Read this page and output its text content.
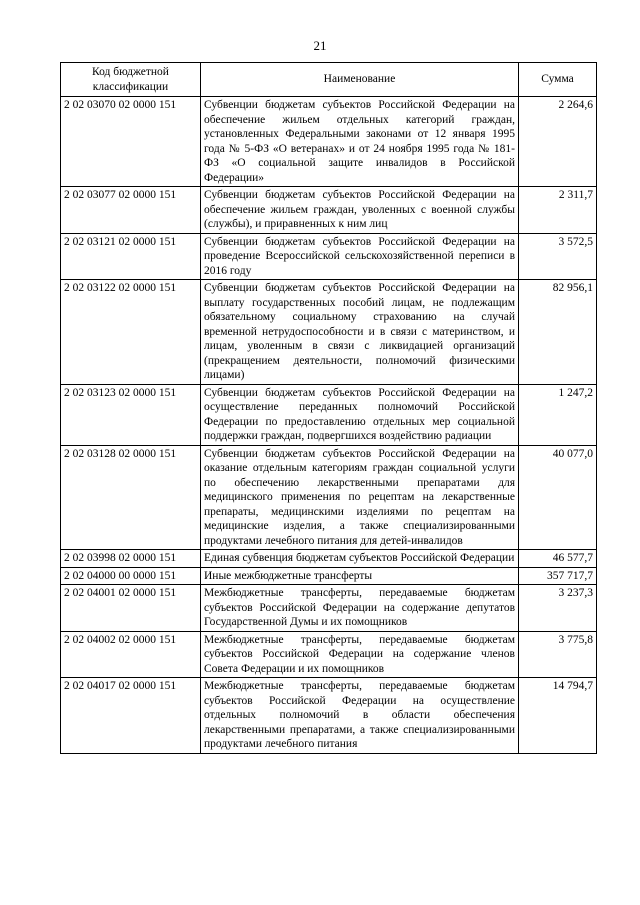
21
Код бюджетной классификации	Наименование	Сумма
2 02 03070 02 0000 151	Субвенции бюджетам субъектов Российской Федерации на обеспечение жильем отдельных категорий граждан, установленных Федеральными законами от 12 января 1995 года № 5-ФЗ «О ветеранах» и от 24 ноября 1995 года № 181-ФЗ «О социальной защите инвалидов в Российской Федерации»	2 264,6
2 02 03077 02 0000 151	Субвенции бюджетам субъектов Российской Федерации на обеспечение жильем граждан, уволенных с военной службы (службы), и приравненных к ним лиц	2 311,7
2 02 03121 02 0000 151	Субвенции бюджетам субъектов Российской Федерации на проведение Всероссийской сельскохозяйственной переписи в 2016 году	3 572,5
2 02 03122 02 0000 151	Субвенции бюджетам субъектов Российской Федерации на выплату государственных пособий лицам, не подлежащим обязательному социальному страхованию на случай временной нетрудоспособности и в связи с материнством, и лицам, уволенным в связи с ликвидацией организаций (прекращением деятельности, полномочий физическими лицами)	82 956,1
2 02 03123 02 0000 151	Субвенции бюджетам субъектов Российской Федерации на осуществление переданных полномочий Российской Федерации по предоставлению отдельных мер социальной поддержки граждан, подвергшихся воздействию радиации	1 247,2
2 02 03128 02 0000 151	Субвенции бюджетам субъектов Российской Федерации на оказание отдельным категориям граждан социальной услуги по обеспечению лекарственными препаратами для медицинского применения по рецептам на лекарственные препараты, медицинскими изделиями по рецептам на медицинские изделия, а также специализированными продуктами лечебного питания для детей-инвалидов	40 077,0
2 02 03998 02 0000 151	Единая субвенция бюджетам субъектов Российской Федерации	46 577,7
2 02 04000 00 0000 151	Иные межбюджетные трансферты	357 717,7
2 02 04001 02 0000 151	Межбюджетные трансферты, передаваемые бюджетам субъектов Российской Федерации на содержание депутатов Государственной Думы и их помощников	3 237,3
2 02 04002 02 0000 151	Межбюджетные трансферты, передаваемые бюджетам субъектов Российской Федерации на содержание членов Совета Федерации и их помощников	3 775,8
2 02 04017 02 0000 151	Межбюджетные трансферты, передаваемые бюджетам субъектов Российской Федерации на осуществление отдельных полномочий в области обеспечения лекарственными препаратами, а также специализированными продуктами лечебного питания	14 794,7
